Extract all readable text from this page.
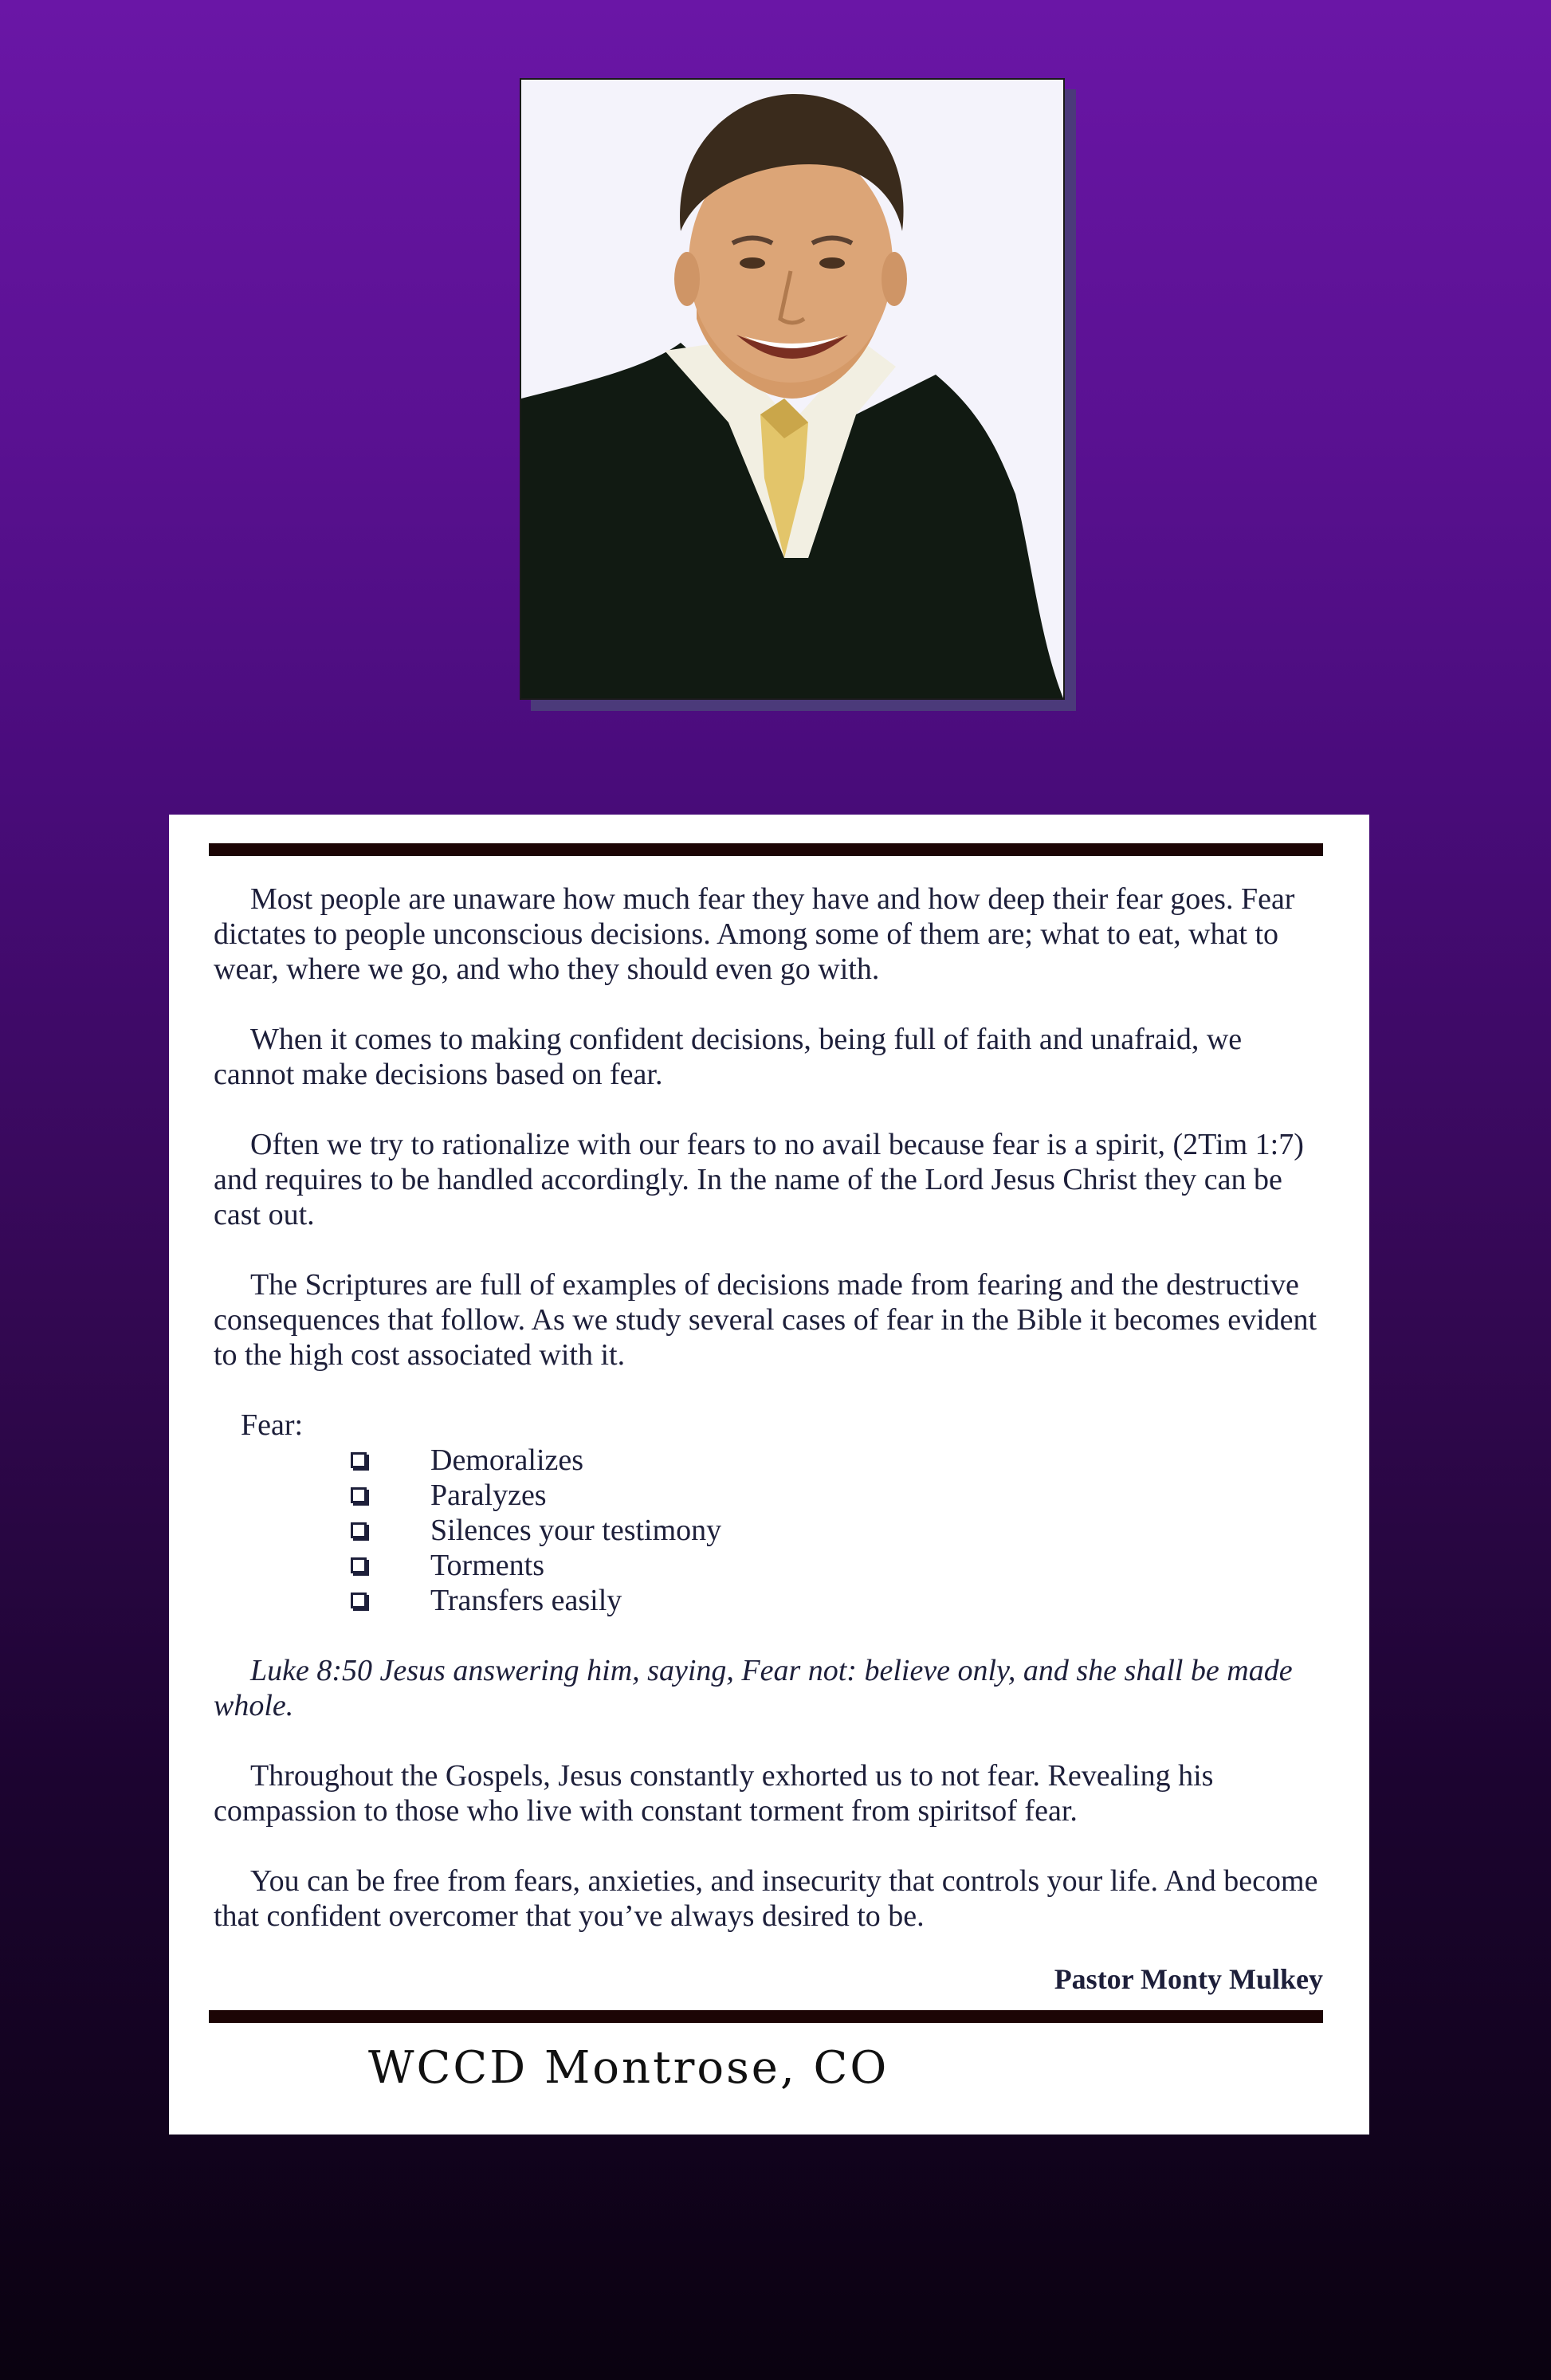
Most people are unaware how much fear they have and how deep their fear goes. Fear dictates to people unconscious decisions. Among some of them are; what to eat, what to wear, where we go, and who they should even go with.

When it comes to making confident decisions, being full of faith and unafraid, we cannot make decisions based on fear.

Often we try to rationalize with our fears to no avail because fear is a spirit, (2Tim 1:7) and requires to be handled accordingly. In the name of the Lord Jesus Christ they can be cast out.

The Scriptures are full of examples of decisions made from fearing and the destructive consequences that follow. As we study several cases of fear in the Bible it becomes evident to the high cost associated with it.

Fear:
Demoralizes
Paralyzes
Silences your testimony
Torments
Transfers easily

Luke 8:50 Jesus answering him, saying, Fear not: believe only, and she shall be made whole.

Throughout the Gospels, Jesus constantly exhorted us to not fear. Revealing his compassion to those who live with constant torment from spiritsof fear.

You can be free from fears, anxieties, and insecurity that controls your life. And become that confident overcomer that you’ve always desired to be.

Pastor Monty Mulkey
WCCD Montrose, CO
